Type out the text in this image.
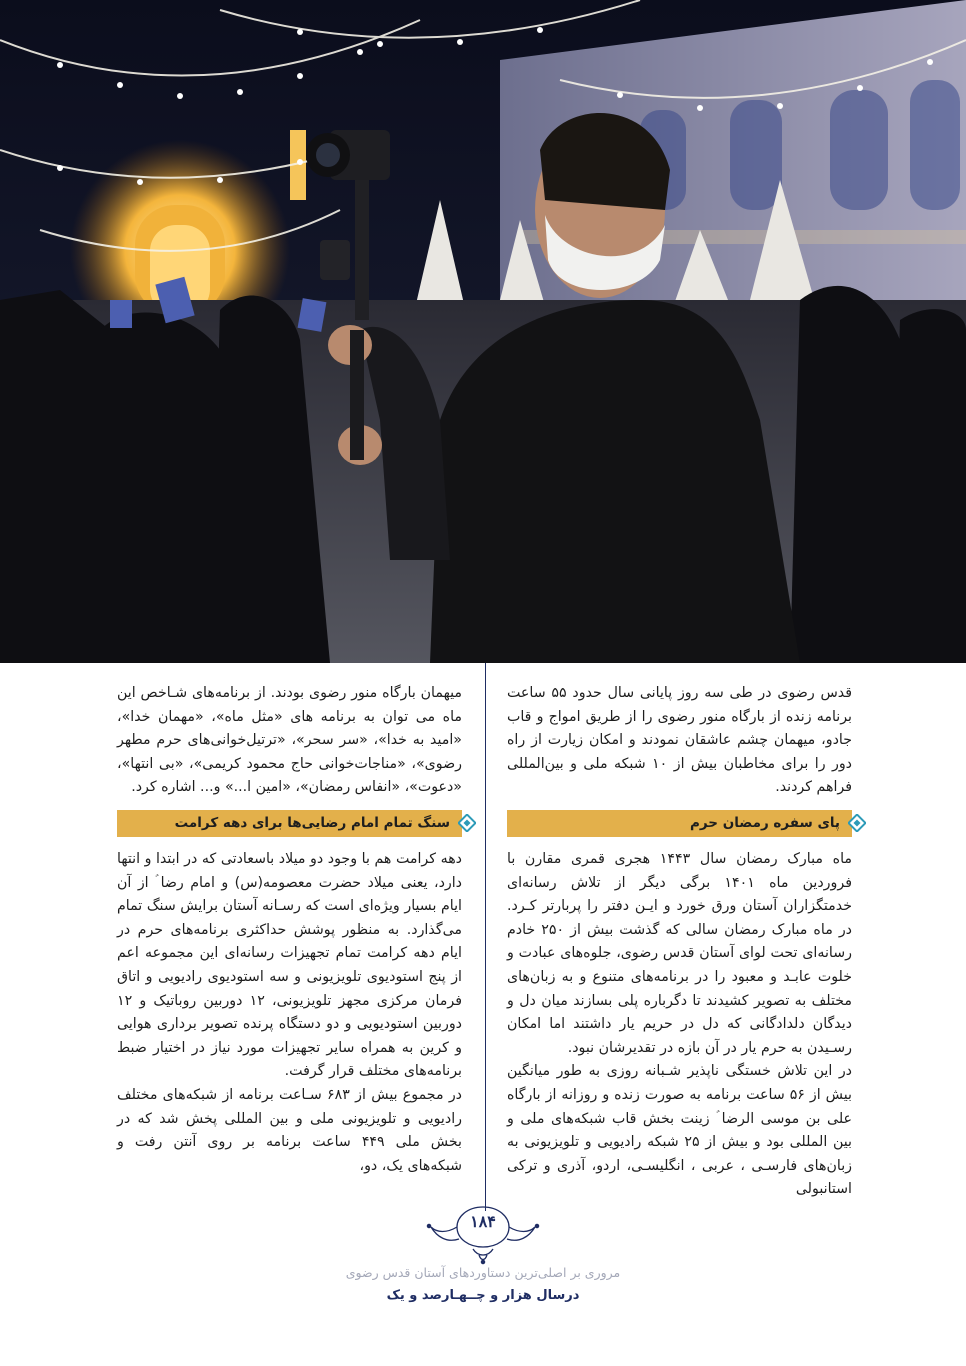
قدس رضوی در طی سه روز پایانی سال حدود ۵۵ ساعت برنامه زنده از بارگاه منور رضوی را از طریق امواج و قاب جادو، میهمان چشم عاشقان نمودند و امکان زیارت از راه دور را برای مخاطبان بیش از ۱۰ شبکه ملی و بین‌المللی فراهم کردند.

پای سفره رمضان حرم

ماه مبارک رمضان سال ۱۴۴۳ هجری قمری مقارن با فروردین ماه ۱۴۰۱ برگی دیگر از تلاش رسانه‌ای خدمتگزاران آستان ورق خورد و ایـن دفتر را پربارتر کـرد. در ماه مبارک رمضان سالی که گذشت بیش از ۲۵۰ خادم رسانه‌ای تحت لوای آستان قدس رضوی، جلوه‌های عبادت و خلوت عابـد و معبود را در برنامه‌های متنوع و به زبان‌های مختلف به تصویر کشیدند تا دگرباره پلی بسازند میان دل و دیدگان دلدادگانی که دل در حریم یار داشتند اما امکان رسـیدن به حرم یار در آن بازه در تقدیرشان نبود.

در این تلاش خستگی ناپذیر شـبانه روزی به طور میانگین بیش از ۵۶ ساعت برنامه به صورت زنده و روزانه از بارگاه علی بن موسی الرضا ؑ زینت بخش قاب شبکه‌های ملی و بین المللی بود و بیش از ۲۵ شبکه رادیویی و تلویزیونی به زبان‌های فارسـی ، عربی ، انگلیسـی، اردو، آذری و ترکی استانبولی

میهمان بارگاه منور رضوی بودند. از برنامه‌های شـاخص این ماه می توان به برنامه های «مثل ماه»، «مهمان خدا»، «امید به خدا»، «سر سحر»، «ترتیل‌خوانی‌های حرم مطهر رضوی»، «مناجات‌خوانی حاج محمود کریمی»، «بی انتها»، «دعوت»، «انفاس رمضان»، «امین ا...» و... اشاره کرد.

سنگ تمام امام رضایی‌ها برای دهه کرامت

دهه کرامت هم با وجود دو میلاد باسعادتی که در ابتدا و انتها دارد، یعنی میلاد حضرت معصومه(س) و امام رضا ؑ از آن ایام بسیار ویژه‌ای است که رسـانه آستان برایش سنگ تمام می‌گذارد. به منظور پوشش حداکثری برنامه‌های حرم در ایام دهه کرامت تمام تجهیزات رسانه‌ای این مجموعه اعم از پنج استودیوی تلویزیونی و سه استودیوی رادیویی و اتاق فرمان مرکزی مجهز تلویزیونی، ۱۲ دوربین روباتیک و ۱۲ دوربین استودیویی و دو دستگاه پرنده تصویر برداری هوایی و کرین به همراه سایر تجهیزات مورد نیاز در اختیار ضبط برنامه‌های مختلف قرار گرفت.

در مجموع بیش از ۶۸۳ سـاعت برنامه از شبکه‌های مختلف رادیویی و تلویزیونی ملی و بین المللی پخش شد که در بخش ملی ۴۴۹ ساعت برنامه بر روی آنتن رفت و شبکه‌های یک، دو،

۱۸۴
مروری بر اصلی‌ترین دستاوردهای آستان قدس رضوی
درسال هزار و چــهـارصد و یک
